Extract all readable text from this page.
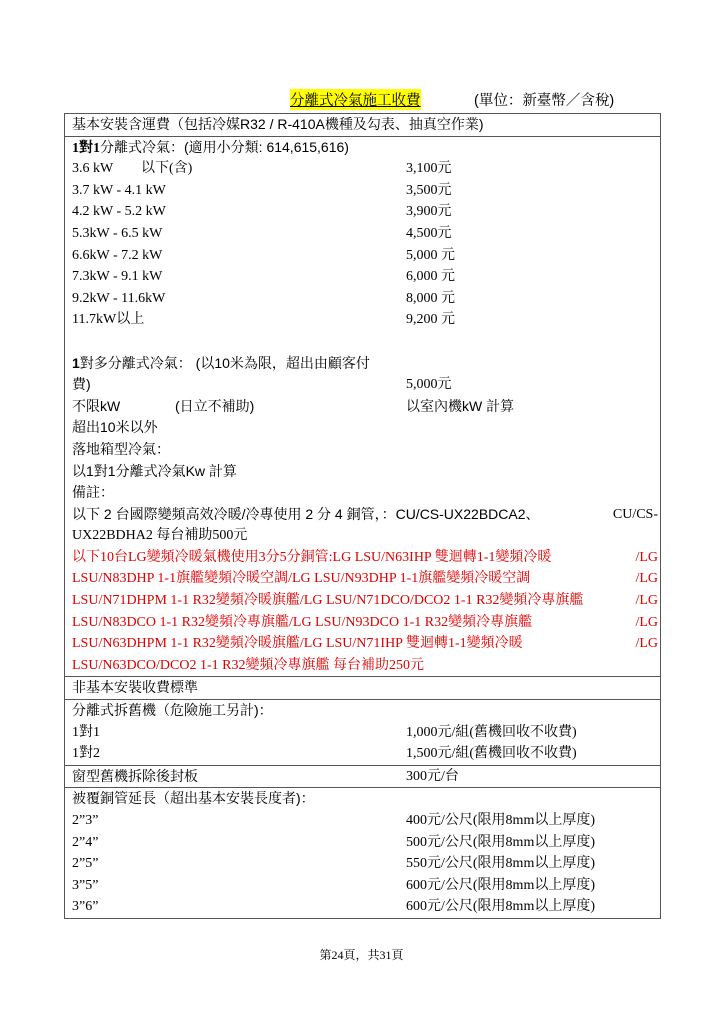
分離式冷氣施工收費	(單位：新臺幣／含稅)
基本安裝含運費（包括冷媒R32 / R-410A機種及勾表、抽真空作業)
1對1分離式冷氣：(適用小分類: 614,615,616)
3.6 kW　　以下(含)	3,100元
3.7 kW - 4.1 kW	3,500元
4.2 kW - 5.2 kW	3,900元
5.3kW - 6.5 kW	4,500元
6.6kW - 7.2 kW	5,000 元
7.3kW - 9.1 kW	6,000 元
9.2kW - 11.6kW	8,000 元
11.7kW以上	9,200 元
1對多分離式冷氣： (以10米為限，超出由顧客付
費)	5,000元
不限kW	(日立不補助)	以室內機kW 計算
超出10米以外
落地箱型冷氣：
以1對1分離式冷氣Kw 計算
備註：
以下 2 台國際變頻高效冷暖/冷專使用 2 分 4 銅管，：CU/CS-UX22BDCA2、	CU/CS-
UX22BDHA2 每台補助500元
以下10台LG變頻冷暖氣機使用3分5分銅管:LG LSU/N63IHP 雙迴轉1-1變頻冷暖	/LG
LSU/N83DHP 1-1旗艦變頻冷暖空調/LG LSU/N93DHP 1-1旗艦變頻冷暖空調	/LG
LSU/N71DHPM 1-1 R32變頻冷暖旗艦/LG LSU/N71DCO/DCO2 1-1 R32變頻冷專旗艦	/LG
LSU/N83DCO 1-1 R32變頻冷專旗艦/LG LSU/N93DCO 1-1 R32變頻冷專旗艦	/LG
LSU/N63DHPM 1-1 R32變頻冷暖旗艦/LG LSU/N71IHP 雙迴轉1-1變頻冷暖	/LG
LSU/N63DCO/DCO2 1-1 R32變頻冷專旗艦 每台補助250元
非基本安裝收費標準
分離式拆舊機（危險施工另計)：
1對1	1,000元/組(舊機回收不收費)
1對2	1,500元/組(舊機回收不收費)
窗型舊機拆除後封板	300元/台
被覆銅管延長（超出基本安裝長度者)：
2”3”	400元/公尺(限用8mm以上厚度)
2”4”	500元/公尺(限用8mm以上厚度)
2”5”	550元/公尺(限用8mm以上厚度)
3”5”	600元/公尺(限用8mm以上厚度)
3”6”	600元/公尺(限用8mm以上厚度)
第24頁，共31頁
